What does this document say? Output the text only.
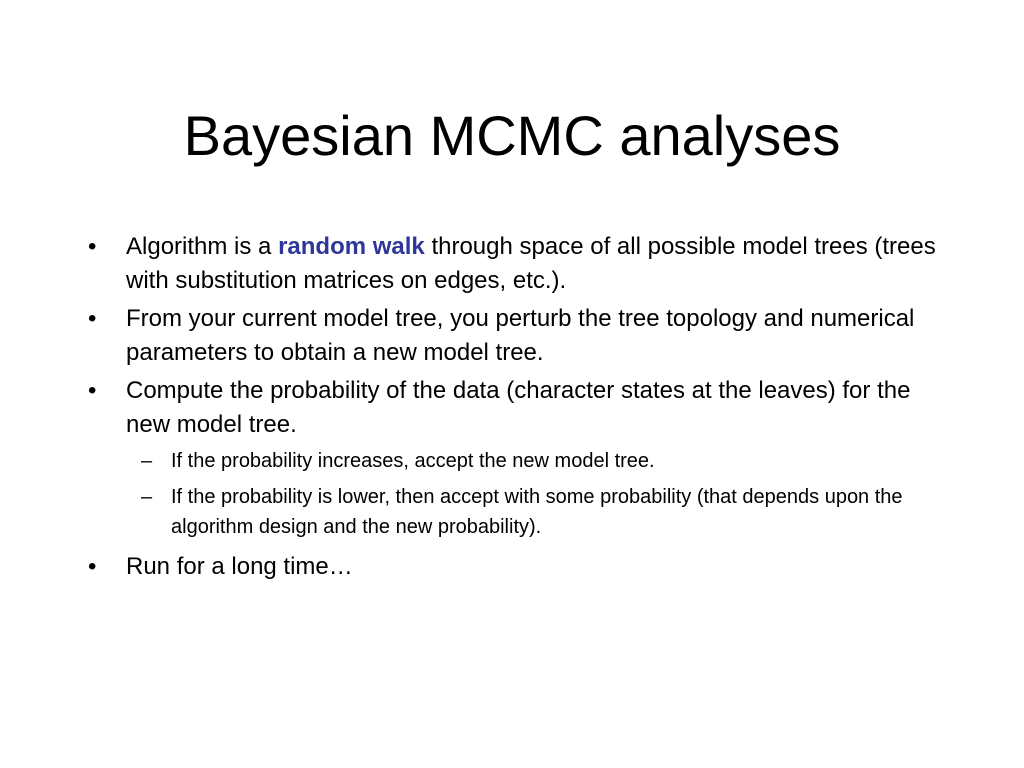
Bayesian MCMC analyses
•	Algorithm is a random walk through space of all possible model trees (trees with substitution matrices on edges, etc.).
•	From your current model tree, you perturb the tree topology and numerical parameters to obtain a new model tree.
•	Compute the probability of the data (character states at the leaves) for the new model tree.
– If the probability increases, accept the new model tree.
– If the probability is lower, then accept with some probability (that depends upon the algorithm design and the new probability).
•	Run for a long time…
